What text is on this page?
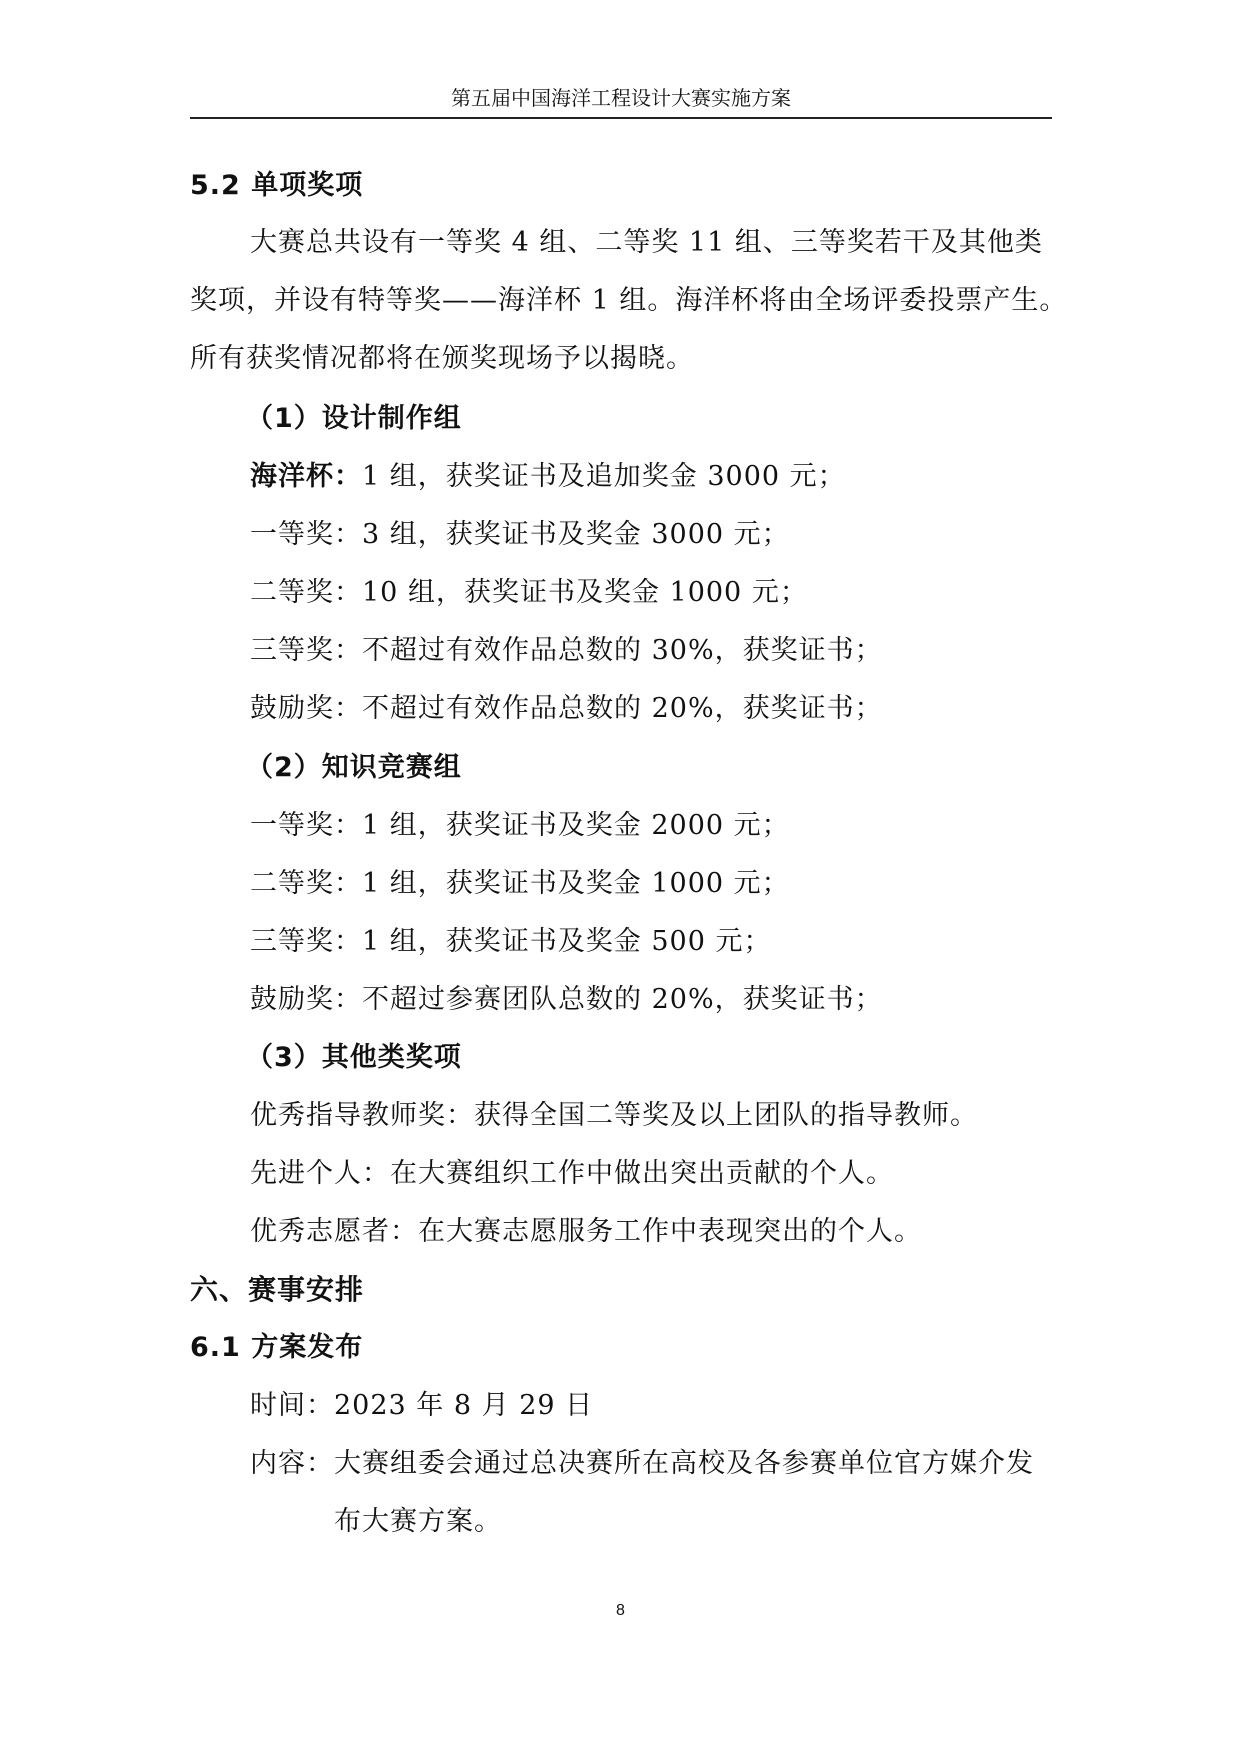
第五届中国海洋工程设计大赛实施方案
5.2 单项奖项
大赛总共设有一等奖 4 组、二等奖 11 组、三等奖若干及其他类
奖项，并设有特等奖——海洋杯 1 组。海洋杯将由全场评委投票产生。
所有获奖情况都将在颁奖现场予以揭晓。
（1）设计制作组
海洋杯：1 组，获奖证书及追加奖金 3000 元；
一等奖：3 组，获奖证书及奖金 3000 元；
二等奖：10 组，获奖证书及奖金 1000 元；
三等奖：不超过有效作品总数的 30%，获奖证书；
鼓励奖：不超过有效作品总数的 20%，获奖证书；
（2）知识竞赛组
一等奖：1 组，获奖证书及奖金 2000 元；
二等奖：1 组，获奖证书及奖金 1000 元；
三等奖：1 组，获奖证书及奖金 500 元；
鼓励奖：不超过参赛团队总数的 20%，获奖证书；
（3）其他类奖项
优秀指导教师奖：获得全国二等奖及以上团队的指导教师。
先进个人：在大赛组织工作中做出突出贡献的个人。
优秀志愿者：在大赛志愿服务工作中表现突出的个人。
六、赛事安排
6.1 方案发布
时间：2023 年 8 月 29 日
内容：大赛组委会通过总决赛所在高校及各参赛单位官方媒介发
布大赛方案。
8
